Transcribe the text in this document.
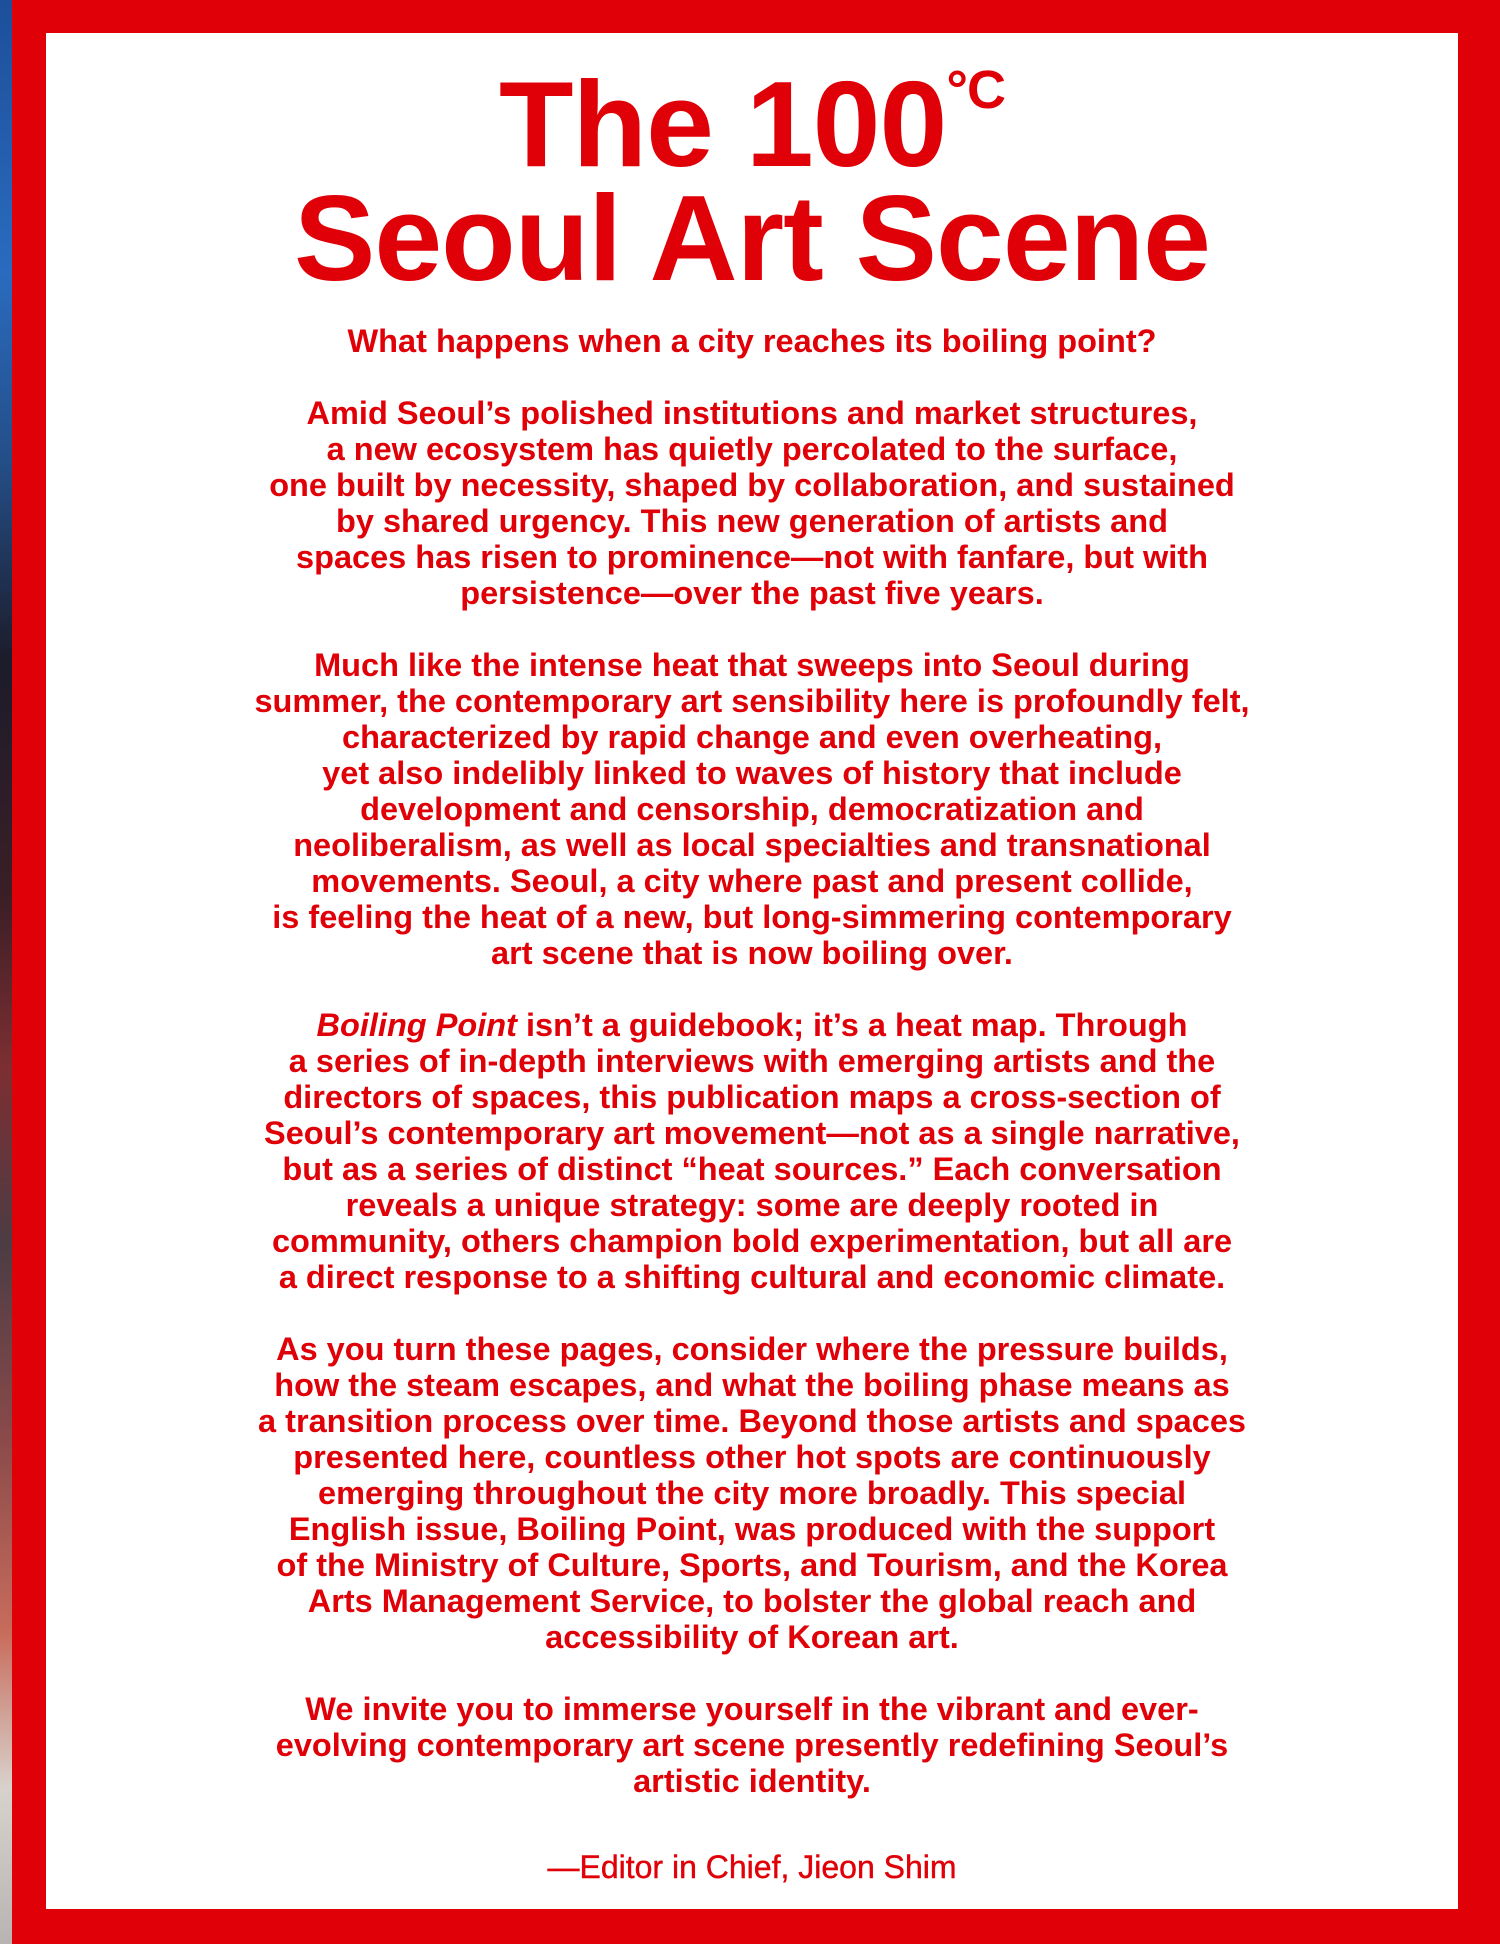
The $100^{^\circ C}$
Seoul Art Scene

What happens when a city reaches its boiling point?

Amid Seoul’s polished institutions and market structures,
a new ecosystem has quietly percolated to the surface,
one built by necessity, shaped by collaboration, and sustained
by shared urgency. This new generation of artists and
spaces has risen to prominence—not with fanfare, but with
persistence—over the past five years.

Much like the intense heat that sweeps into Seoul during
summer, the contemporary art sensibility here is profoundly felt,
characterized by rapid change and even overheating,
yet also indelibly linked to waves of history that include
development and censorship, democratization and
neoliberalism, as well as local specialties and transnational
movements. Seoul, a city where past and present collide,
is feeling the heat of a new, but long-simmering contemporary
art scene that is now boiling over.

Boiling Point isn’t a guidebook; it’s a heat map. Through
a series of in-depth interviews with emerging artists and the
directors of spaces, this publication maps a cross-section of
Seoul’s contemporary art movement—not as a single narrative,
but as a series of distinct “heat sources.” Each conversation
reveals a unique strategy: some are deeply rooted in
community, others champion bold experimentation, but all are
a direct response to a shifting cultural and economic climate.

As you turn these pages, consider where the pressure builds,
how the steam escapes, and what the boiling phase means as
a transition process over time. Beyond those artists and spaces
presented here, countless other hot spots are continuously
emerging throughout the city more broadly. This special
English issue, Boiling Point, was produced with the support
of the Ministry of Culture, Sports, and Tourism, and the Korea
Arts Management Service, to bolster the global reach and
accessibility of Korean art.

We invite you to immerse yourself in the vibrant and ever-
evolving contemporary art scene presently redefining Seoul’s
artistic identity.

—Editor in Chief, Jieon Shim
